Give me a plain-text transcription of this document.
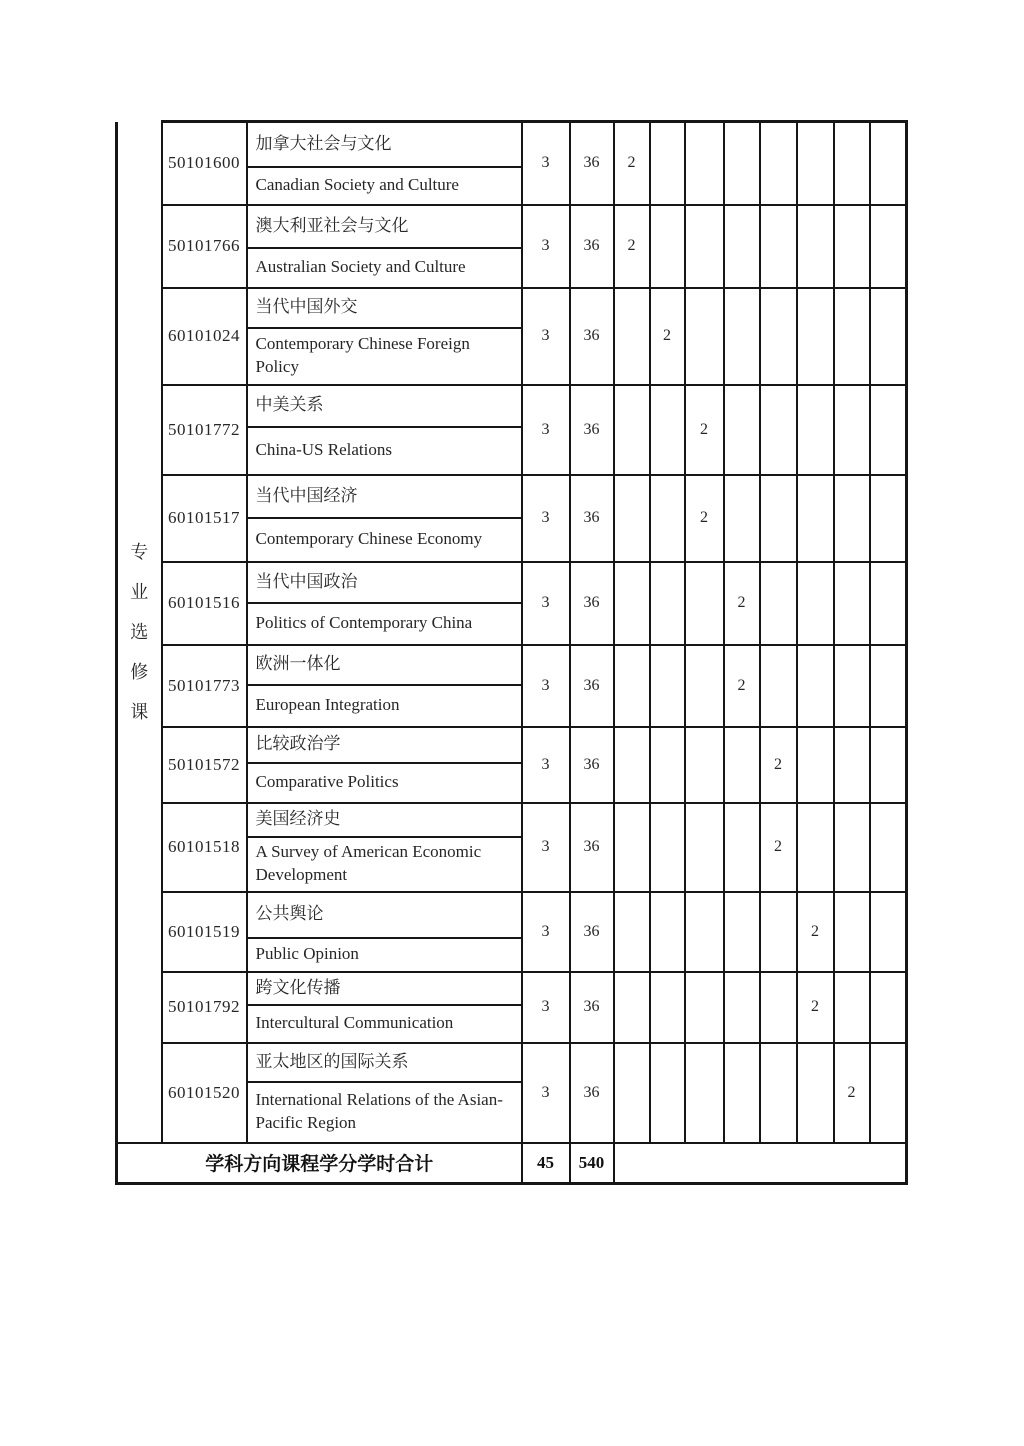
专业选修课	50101600	加拿大社会与文化	3	36	2							
		Canadian Society and Culture										
	50101766	澳大利亚社会与文化	3	36	2							
		Australian Society and Culture										
	60101024	当代中国外交	3	36		2						
		Contemporary Chinese Foreign Policy										
	50101772	中美关系	3	36			2					
		China-US Relations										
	60101517	当代中国经济	3	36			2					
		Contemporary Chinese Economy										
	60101516	当代中国政治	3	36				2				
		Politics of Contemporary China										
	50101773	欧洲一体化	3	36				2				
		European Integration										
	50101572	比较政治学	3	36					2			
		Comparative Politics										
	60101518	美国经济史	3	36					2			
		A Survey of American Economic Development										
	60101519	公共舆论	3	36						2		
		Public Opinion										
	50101792	跨文化传播	3	36						2		
		Intercultural Communication										
	60101520	亚太地区的国际关系	3	36							2	
		International Relations of the Asian-Pacific Region										
学科方向课程学分学时合计			45	540								
